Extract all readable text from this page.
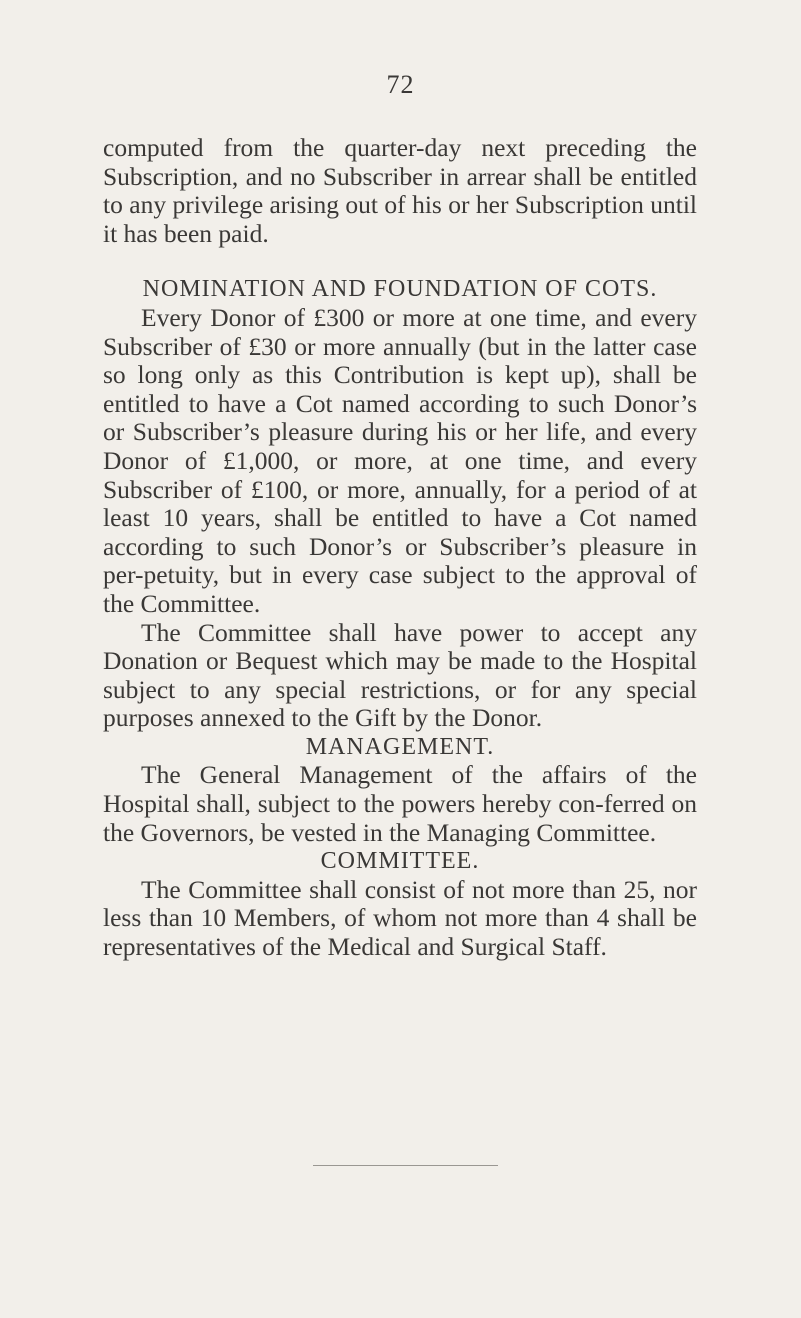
72

computed from the quarter-day next preceding the Subscription, and no Subscriber in arrear shall be entitled to any privilege arising out of his or her Subscription until it has been paid.

NOMINATION AND FOUNDATION OF COTS.

Every Donor of £300 or more at one time, and every Subscriber of £30 or more annually (but in the latter case so long only as this Contribution is kept up), shall be entitled to have a Cot named according to such Donor’s or Subscriber’s pleasure during his or her life, and every Donor of £1,000, or more, at one time, and every Subscriber of £100, or more, annually, for a period of at least 10 years, shall be entitled to have a Cot named according to such Donor’s or Subscriber’s pleasure in per-petuity, but in every case subject to the approval of the Committee.

The Committee shall have power to accept any Donation or Bequest which may be made to the Hospital subject to any special restrictions, or for any special purposes annexed to the Gift by the Donor.

MANAGEMENT.

The General Management of the affairs of the Hospital shall, subject to the powers hereby con-ferred on the Governors, be vested in the Managing Committee.

COMMITTEE.

The Committee shall consist of not more than 25, nor less than 10 Members, of whom not more than 4 shall be representatives of the Medical and Surgical Staff.
